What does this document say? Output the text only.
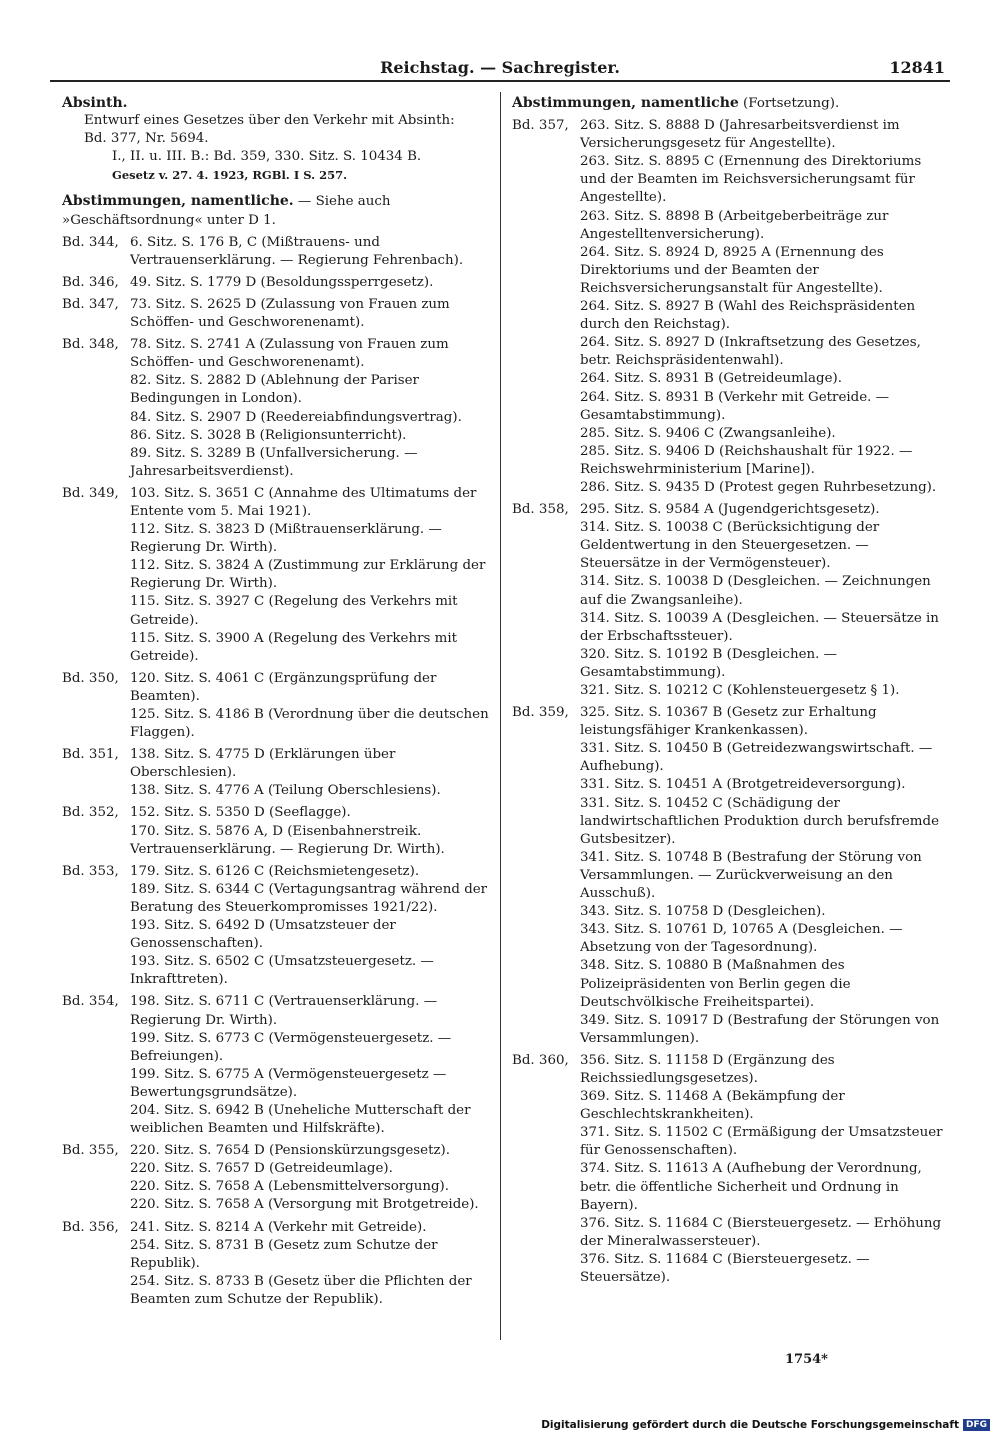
Reichstag. — Sachregister.	12841

Absinth.

Entwurf eines Gesetzes über den Verkehr mit Absinth:

Bd. 377, Nr. 5694.

I., II. u. III. B.: Bd. 359, 330. Sitz. S. 10434 B.

Gesetz v. 27. 4. 1923, RGBl. I S. 257.

Abstimmungen, namentliche. — Siehe auch »Geschäftsordnung« unter D 1.

Bd. 344, 6. Sitz. S. 176 B, C (Mißtrauens- und Vertrauenserklärung. — Regierung Fehrenbach).
Bd. 346, 49. Sitz. S. 1779 D (Besoldungssperrgesetz).
Bd. 347, 73. Sitz. S. 2625 D (Zulassung von Frauen zum Schöffen- und Geschworenenamt).
Bd. 348, 78. Sitz. S. 2741 A (Zulassung von Frauen zum Schöffen- und Geschworenenamt).
82. Sitz. S. 2882 D (Ablehnung der Pariser Bedingungen in London).
84. Sitz. S. 2907 D (Reedereiabfindungsvertrag).
86. Sitz. S. 3028 B (Religionsunterricht).
89. Sitz. S. 3289 B (Unfallversicherung. — Jahresarbeitsverdienst).
Bd. 349, 103. Sitz. S. 3651 C (Annahme des Ultimatums der Entente vom 5. Mai 1921).
112. Sitz. S. 3823 D (Mißtrauenserklärung. — Regierung Dr. Wirth).
112. Sitz. S. 3824 A (Zustimmung zur Erklärung der Regierung Dr. Wirth).
115. Sitz. S. 3927 C (Regelung des Verkehrs mit Getreide).
115. Sitz. S. 3900 A (Regelung des Verkehrs mit Getreide).
Bd. 350, 120. Sitz. S. 4061 C (Ergänzungsprüfung der Beamten).
125. Sitz. S. 4186 B (Verordnung über die deutschen Flaggen).
Bd. 351, 138. Sitz. S. 4775 D (Erklärungen über Oberschlesien).
138. Sitz. S. 4776 A (Teilung Oberschlesiens).
Bd. 352, 152. Sitz. S. 5350 D (Seeflagge).
170. Sitz. S. 5876 A, D (Eisenbahnerstreik. Vertrauenserklärung. — Regierung Dr. Wirth).
Bd. 353, 179. Sitz. S. 6126 C (Reichsmietengesetz).
189. Sitz. S. 6344 C (Vertagungsantrag während der Beratung des Steuerkompromisses 1921/22).
193. Sitz. S. 6492 D (Umsatzsteuer der Genossenschaften).
193. Sitz. S. 6502 C (Umsatzsteuergesetz. — Inkrafttreten).
Bd. 354, 198. Sitz. S. 6711 C (Vertrauenserklärung. — Regierung Dr. Wirth).
199. Sitz. S. 6773 C (Vermögensteuergesetz. — Befreiungen).
199. Sitz. S. 6775 A (Vermögensteuergesetz — Bewertungsgrundsätze).
204. Sitz. S. 6942 B (Uneheliche Mutterschaft der weiblichen Beamten und Hilfskräfte).
Bd. 355, 220. Sitz. S. 7654 D (Pensionskürzungsgesetz).
220. Sitz. S. 7657 D (Getreideumlage).
220. Sitz. S. 7658 A (Lebensmittelversorgung).
220. Sitz. S. 7658 A (Versorgung mit Brotgetreide).
Bd. 356, 241. Sitz. S. 8214 A (Verkehr mit Getreide).
254. Sitz. S. 8731 B (Gesetz zum Schutze der Republik).
254. Sitz. S. 8733 B (Gesetz über die Pflichten der Beamten zum Schutze der Republik).

Abstimmungen, namentliche (Fortsetzung).

Bd. 357, 263. Sitz. S. 8888 D (Jahresarbeitsverdienst im Versicherungsgesetz für Angestellte).
263. Sitz. S. 8895 C (Ernennung des Direktoriums und der Beamten im Reichsversicherungsamt für Angestellte).
263. Sitz. S. 8898 B (Arbeitgeberbeiträge zur Angestelltenversicherung).
264. Sitz. S. 8924 D, 8925 A (Ernennung des Direktoriums und der Beamten der Reichsversicherungsanstalt für Angestellte).
264. Sitz. S. 8927 B (Wahl des Reichspräsidenten durch den Reichstag).
264. Sitz. S. 8927 D (Inkraftsetzung des Gesetzes, betr. Reichspräsidentenwahl).
264. Sitz. S. 8931 B (Getreideumlage).
264. Sitz. S. 8931 B (Verkehr mit Getreide. — Gesamtabstimmung).
285. Sitz. S. 9406 C (Zwangsanleihe).
285. Sitz. S. 9406 D (Reichshaushalt für 1922. — Reichswehrministerium [Marine]).
286. Sitz. S. 9435 D (Protest gegen Ruhrbesetzung).
Bd. 358, 295. Sitz. S. 9584 A (Jugendgerichtsgesetz).
314. Sitz. S. 10038 C (Berücksichtigung der Geldentwertung in den Steuergesetzen. — Steuersätze in der Vermögensteuer).
314. Sitz. S. 10038 D (Desgleichen. — Zeichnungen auf die Zwangsanleihe).
314. Sitz. S. 10039 A (Desgleichen. — Steuersätze in der Erbschaftssteuer).
320. Sitz. S. 10192 B (Desgleichen. — Gesamtabstimmung).
321. Sitz. S. 10212 C (Kohlensteuergesetz § 1).
Bd. 359, 325. Sitz. S. 10367 B (Gesetz zur Erhaltung leistungsfähiger Krankenkassen).
331. Sitz. S. 10450 B (Getreidezwangswirtschaft. — Aufhebung).
331. Sitz. S. 10451 A (Brotgetreideversorgung).
331. Sitz. S. 10452 C (Schädigung der landwirtschaftlichen Produktion durch berufsfremde Gutsbesitzer).
341. Sitz. S. 10748 B (Bestrafung der Störung von Versammlungen. — Zurückverweisung an den Ausschuß).
343. Sitz. S. 10758 D (Desgleichen).
343. Sitz. S. 10761 D, 10765 A (Desgleichen. — Absetzung von der Tagesordnung).
348. Sitz. S. 10880 B (Maßnahmen des Polizeipräsidenten von Berlin gegen die Deutschvölkische Freiheitspartei).
349. Sitz. S. 10917 D (Bestrafung der Störungen von Versammlungen).
Bd. 360, 356. Sitz. S. 11158 D (Ergänzung des Reichssiedlungsgesetzes).
369. Sitz. S. 11468 A (Bekämpfung der Geschlechtskrankheiten).
371. Sitz. S. 11502 C (Ermäßigung der Umsatzsteuer für Genossenschaften).
374. Sitz. S. 11613 A (Aufhebung der Verordnung, betr. die öffentliche Sicherheit und Ordnung in Bayern).
376. Sitz. S. 11684 C (Biersteuergesetz. — Erhöhung der Mineralwassersteuer).
376. Sitz. S. 11684 C (Biersteuergesetz. — Steuersätze).
1754*
Digitalisierung gefördert durch die Deutsche Forschungsgemeinschaft DFG
